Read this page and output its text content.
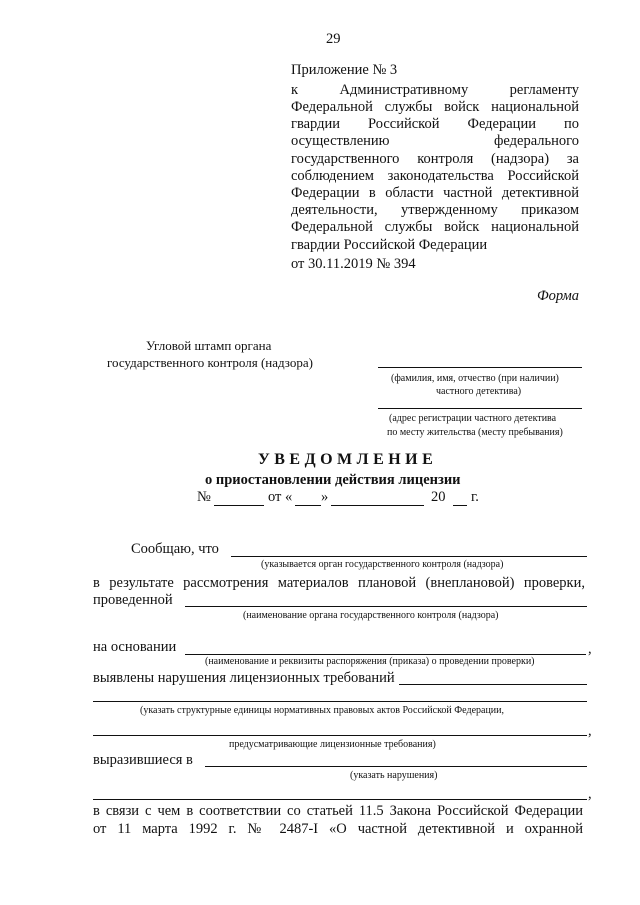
29
Приложение № 3
к Административному регламенту
Федеральной службы войск национальной
гвардии Российской Федерации по
осуществлению федерального
государственного контроля (надзора) за
соблюдением законодательства Российской
Федерации в области частной детективной
деятельности, утвержденному приказом
Федеральной службы войск национальной
гвардии Российской Федерации
от 30.11.2019 № 394
Форма
Угловой штамп органа
государственного контроля (надзора)
(фамилия, имя, отчество (при наличии)
частного детектива)
(адрес регистрации частного детектива
по месту жительства (месту пребывания)
УВЕДОМЛЕНИЕ
о приостановлении действия лицензии
№	от « »	20 г.
Сообщаю, что
(указывается орган государственного контроля (надзора)
в результате рассмотрения материалов плановой (внеплановой) проверки,
проведенной
(наименование органа государственного контроля (надзора)
на основании	,
(наименование и реквизиты распоряжения (приказа) о проведении проверки)
выявлены нарушения лицензионных требований
(указать структурные единицы нормативных правовых актов Российской Федерации,
,
предусматривающие лицензионные требования)
выразившиеся в
(указать нарушения)
,
в связи с чем в соответствии со статьей 11.5 Закона Российской Федерации
от 11 марта 1992 г. № 2487-I «О частной детективной и охранной
